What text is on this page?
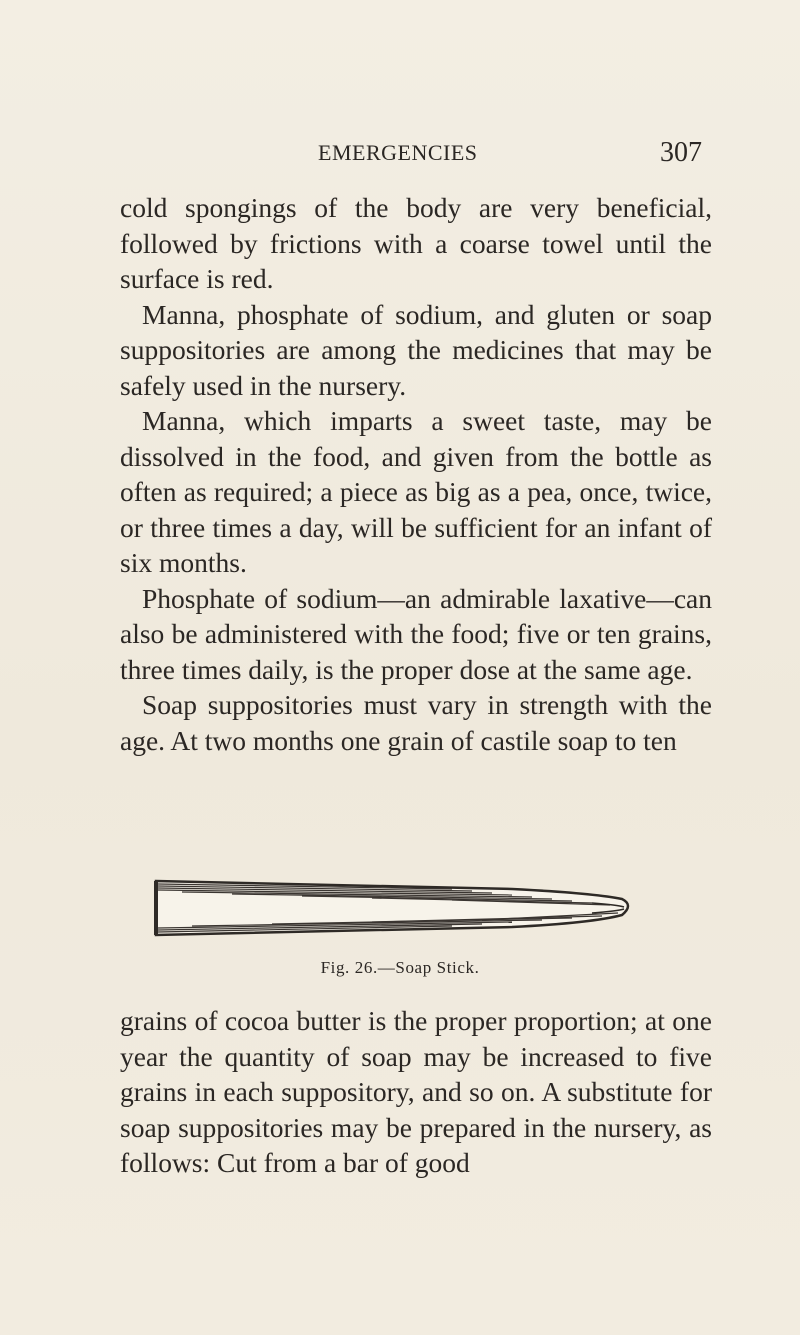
EMERGENCIES	307

cold spongings of the body are very beneficial, followed by frictions with a coarse towel until the surface is red.

Manna, phosphate of sodium, and gluten or soap suppositories are among the medicines that may be safely used in the nursery.

Manna, which imparts a sweet taste, may be dissolved in the food, and given from the bottle as often as required; a piece as big as a pea, once, twice, or three times a day, will be sufficient for an infant of six months.

Phosphate of sodium—an admirable laxative—can also be administered with the food; five or ten grains, three times daily, is the proper dose at the same age.

Soap suppositories must vary in strength with the age. At two months one grain of castile soap to ten

Fig. 26.—Soap Stick.

grains of cocoa butter is the proper proportion; at one year the quantity of soap may be increased to five grains in each suppository, and so on. A substitute for soap suppositories may be prepared in the nursery, as follows: Cut from a bar of good
